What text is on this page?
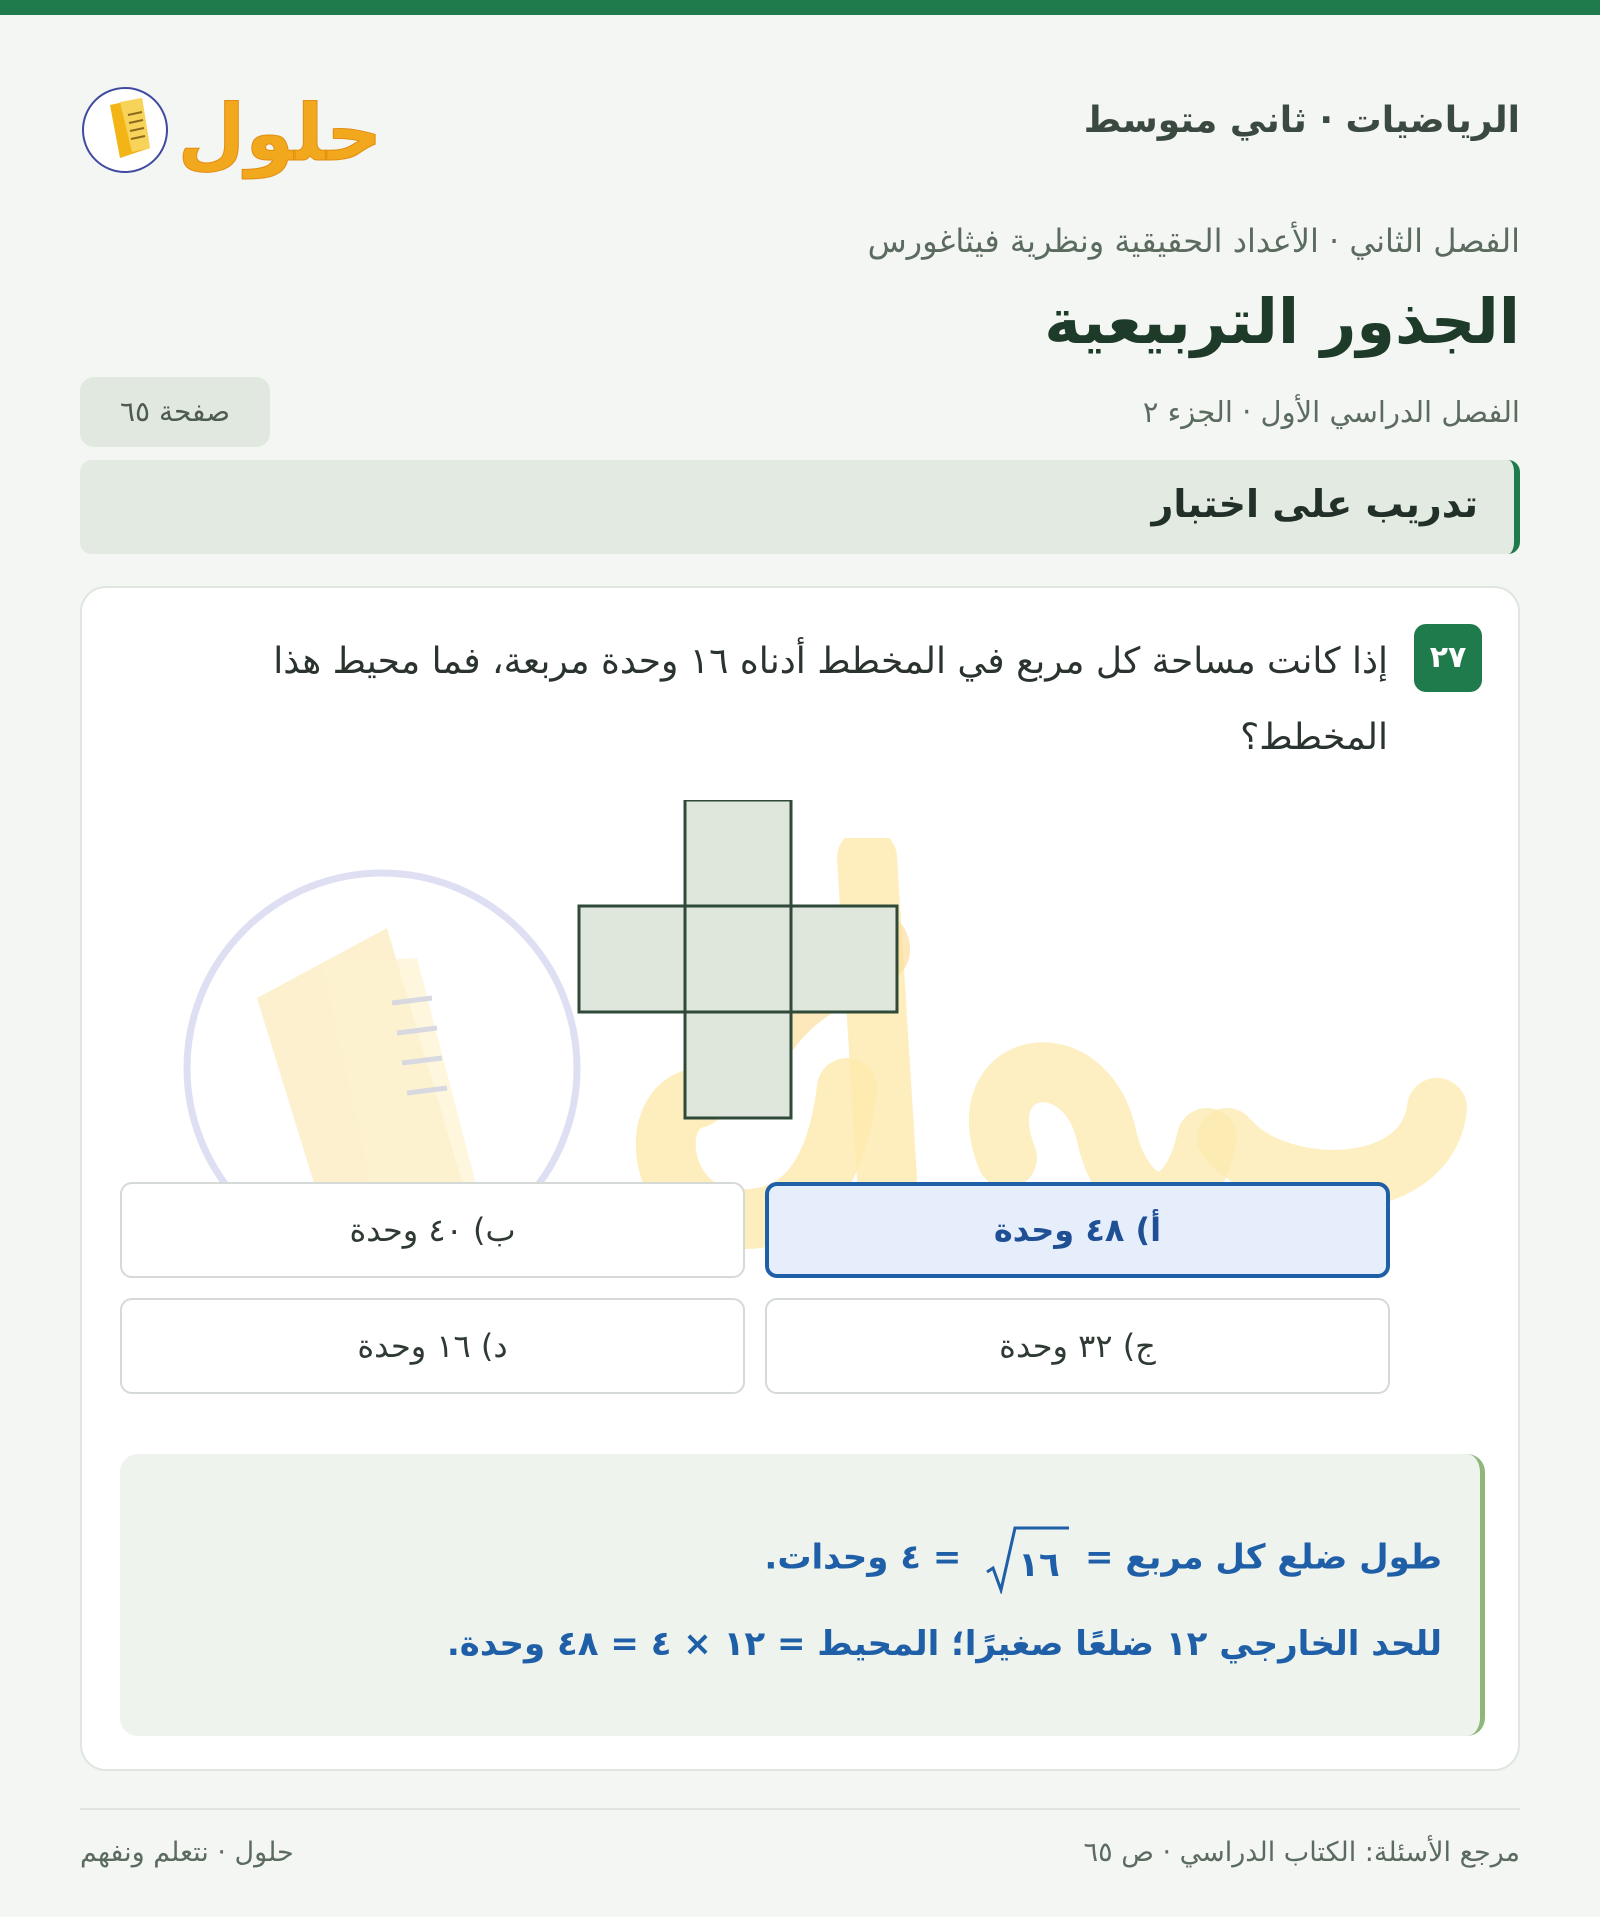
الرياضيات · ثاني متوسط
حلول
الفصل الثاني · الأعداد الحقيقية ونظرية فيثاغورس
الجذور التربيعية
الفصل الدراسي الأول · الجزء ٢
صفحة ٦٥
تدريب على اختبار
٢٧
إذا كانت مساحة كل مربع في المخطط أدناه ١٦ وحدة مربعة، فما محيط هذا المخطط؟
أ) ٤٨ وحدة
ب) ٤٠ وحدة
ج) ٣٢ وحدة
د) ١٦ وحدة
طول ضلع كل مربع =
١٦
= ٤ وحدات.
للحد الخارجي ١٢ ضلعًا صغيرًا؛ المحيط = ١٢ × ٤ = ٤٨ وحدة.
مرجع الأسئلة: الكتاب الدراسي · ص ٦٥
حلول · نتعلم ونفهم
